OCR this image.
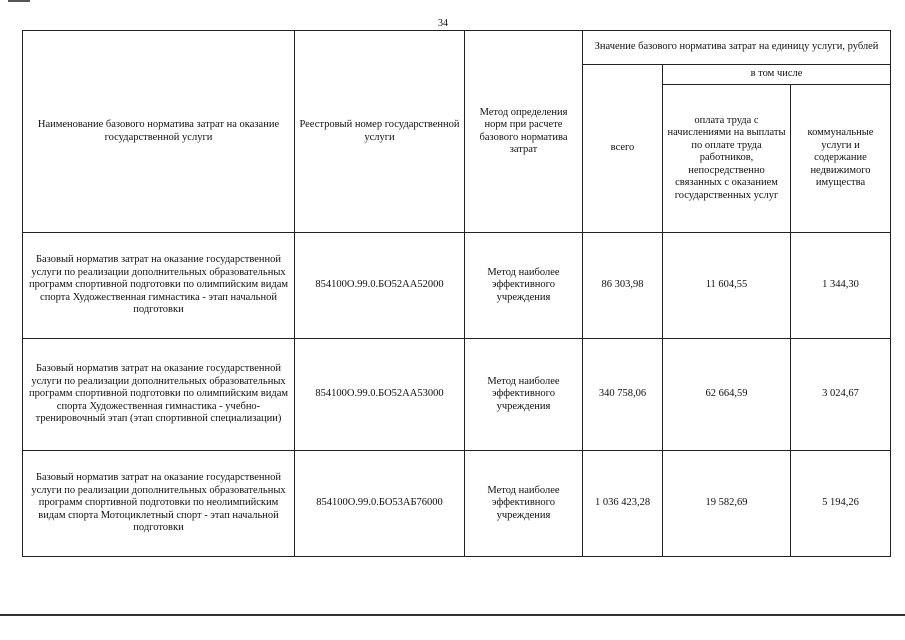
34
Наименование базового норматива затрат на оказание государственной услуги	Реестровый номер государственной услуги	Метод определения норм при расчете базового норматива затрат	Значение базового норматива затрат на единицу услуги, рублей		
			всего	в том числе	
				оплата труда с начислениями на выплаты по оплате труда работников, непосредственно связанных с оказанием государственных услуг	коммунальные услуги и содержание недвижимого имущества
Базовый норматив затрат на оказание государственной услуги по реализации дополнительных образовательных программ спортивной подготовки по олимпийским видам спорта Художественная гимнастика - этап начальной подготовки	854100О.99.0.БО52АА52000	Метод наиболее эффективного учреждения	86 303,98	11 604,55	1 344,30
Базовый норматив затрат на оказание государственной услуги по реализации дополнительных образовательных программ спортивной подготовки по олимпийским видам спорта Художественная гимнастика - учебно-тренировочный этап (этап спортивной специализации)	854100О.99.0.БО52АА53000	Метод наиболее эффективного учреждения	340 758,06	62 664,59	3 024,67
Базовый норматив затрат на оказание государственной услуги по реализации дополнительных образовательных программ спортивной подготовки по неолимпийским видам спорта Мотоциклетный спорт - этап начальной подготовки	854100О.99.0.БО53АБ76000	Метод наиболее эффективного учреждения	1 036 423,28	19 582,69	5 194,26
